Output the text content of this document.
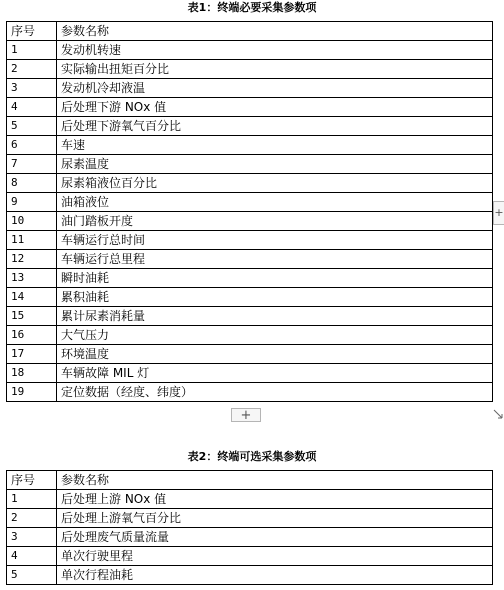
表1：终端必要采集参数项
序号	参数名称
1	发动机转速
2	实际输出扭矩百分比
3	发动机冷却液温
4	后处理下游 NOx 值
5	后处理下游氧气百分比
6	车速
7	尿素温度
8	尿素箱液位百分比
9	油箱液位
10	油门踏板开度
11	车辆运行总时间
12	车辆运行总里程
13	瞬时油耗
14	累积油耗
15	累计尿素消耗量
16	大气压力
17	环境温度
18	车辆故障 MIL 灯
19	定位数据（经度、纬度）
+
+
表2：终端可选采集参数项
序号	参数名称
1	后处理上游 NOx 值
2	后处理上游氧气百分比
3	后处理废气质量流量
4	单次行驶里程
5	单次行程油耗
